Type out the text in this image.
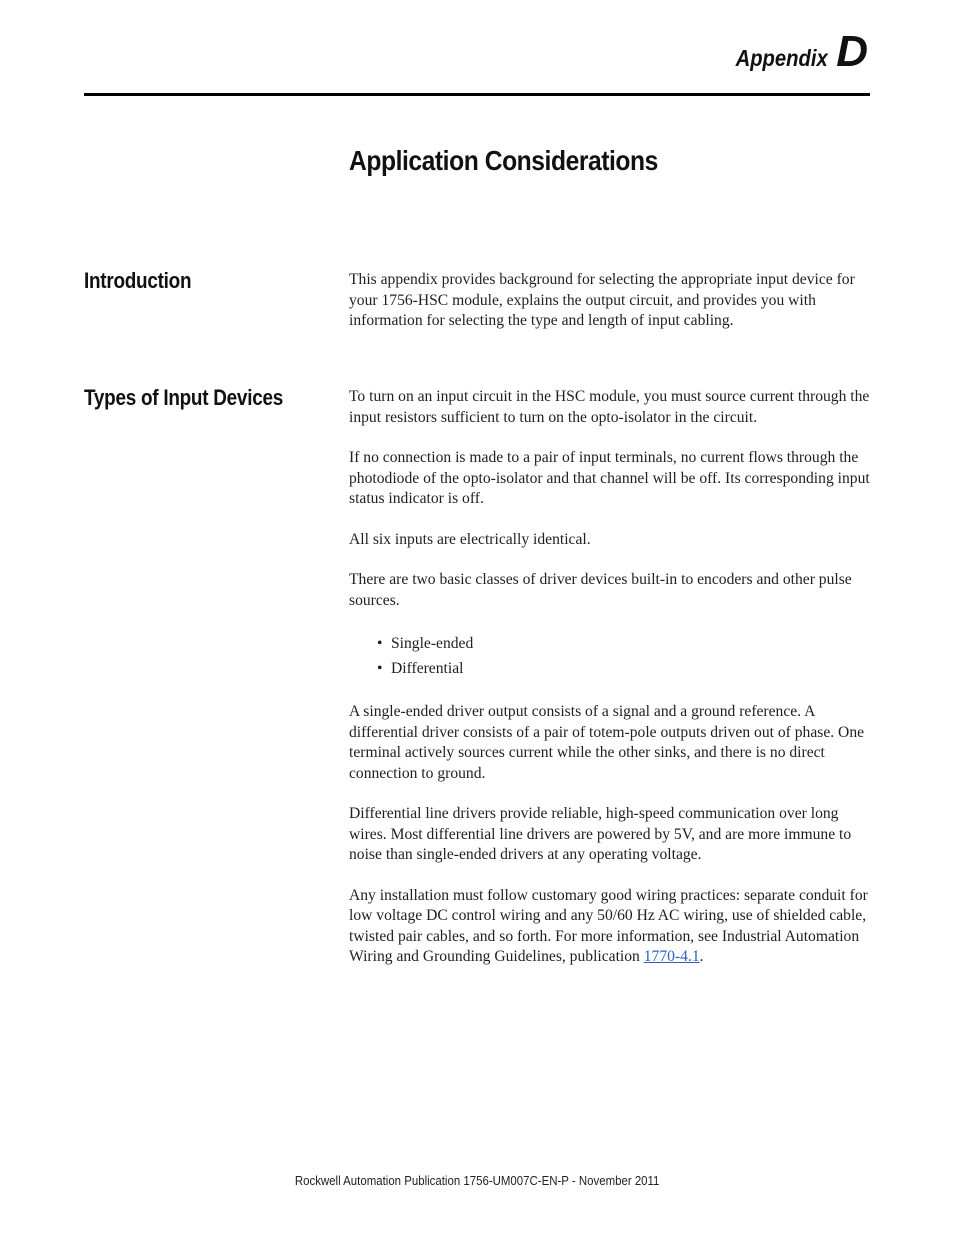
Appendix D
Application Considerations
Introduction	This appendix provides background for selecting the appropriate input device for your 1756-HSC module, explains the output circuit, and provides you with information for selecting the type and length of input cabling.

Types of Input Devices	To turn on an input circuit in the HSC module, you must source current through the input resistors sufficient to turn on the opto-isolator in the circuit.

If no connection is made to a pair of input terminals, no current flows through the photodiode of the opto-isolator and that channel will be off. Its corresponding input status indicator is off.

All six inputs are electrically identical.

There are two basic classes of driver devices built-in to encoders and other pulse sources.

• Single-ended
• Differential

A single-ended driver output consists of a signal and a ground reference. A differential driver consists of a pair of totem-pole outputs driven out of phase. One terminal actively sources current while the other sinks, and there is no direct connection to ground.

Differential line drivers provide reliable, high-speed communication over long wires. Most differential line drivers are powered by 5V, and are more immune to noise than single-ended drivers at any operating voltage.

Any installation must follow customary good wiring practices: separate conduit for low voltage DC control wiring and any 50/60 Hz AC wiring, use of shielded cable, twisted pair cables, and so forth. For more information, see Industrial Automation Wiring and Grounding Guidelines, publication 1770-4.1.

Rockwell Automation Publication 1756-UM007C-EN-P - November 2011
